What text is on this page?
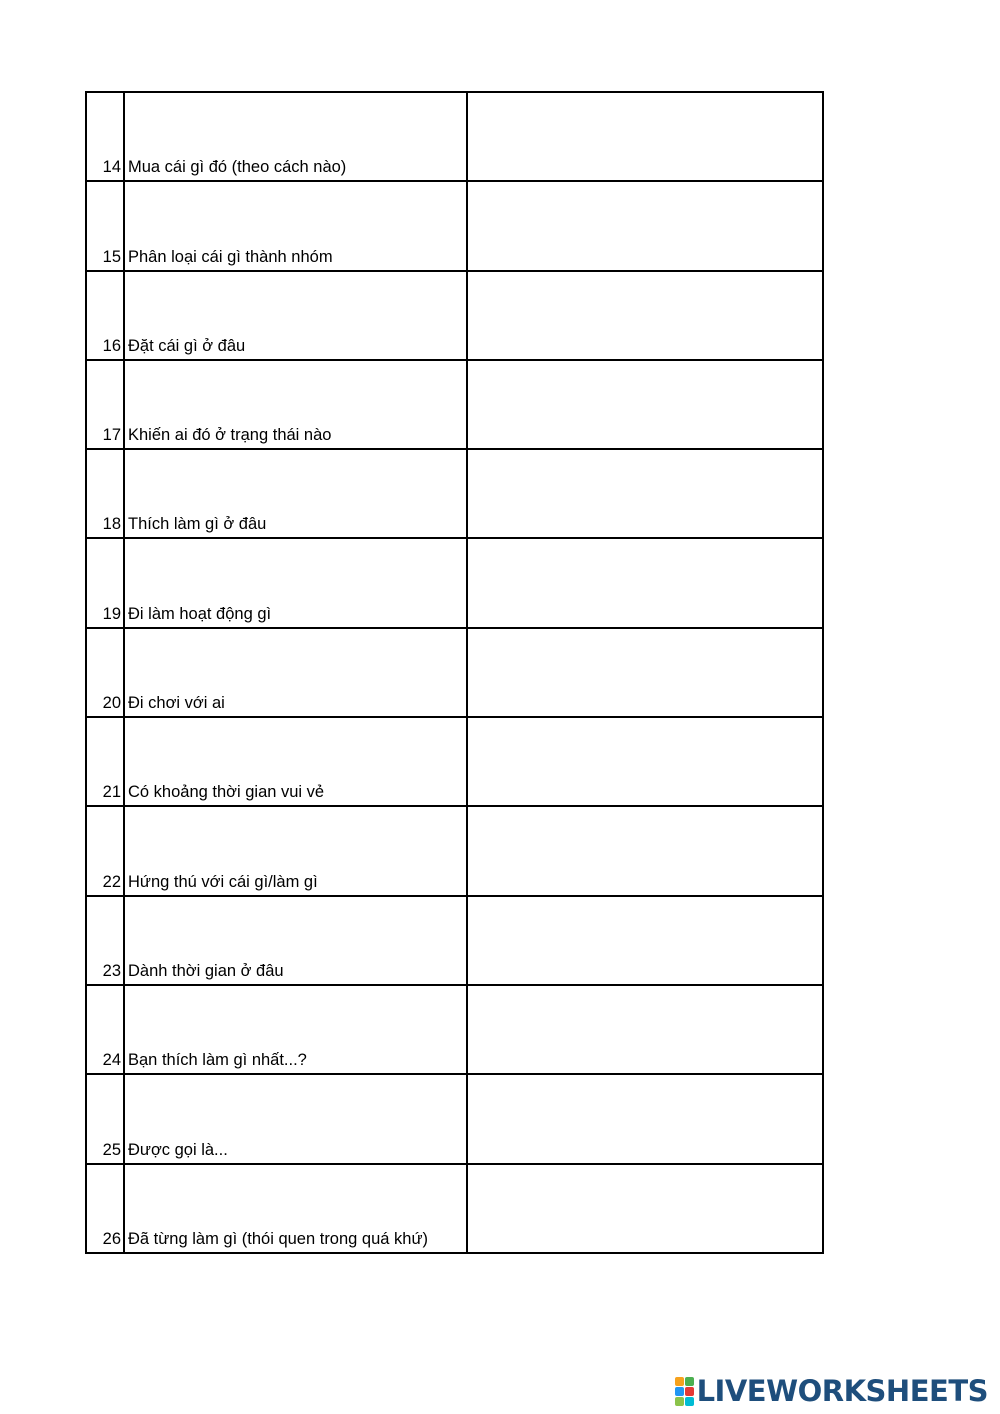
14	Mua cái gì đó (theo cách nào)	
15	Phân loại cái gì thành nhóm	
16	Đặt cái gì ở đâu	
17	Khiến ai đó ở trạng thái nào	
18	Thích làm gì ở đâu	
19	Đi làm hoạt động gì	
20	Đi chơi với ai	
21	Có khoảng thời gian vui vẻ	
22	Hứng thú với cái gì/làm gì	
23	Dành thời gian ở đâu	
24	Bạn thích làm gì nhất...?	
25	Được gọi là...	
26	Đã từng làm gì (thói quen trong quá khứ)	
LIVEWORKSHEETS
